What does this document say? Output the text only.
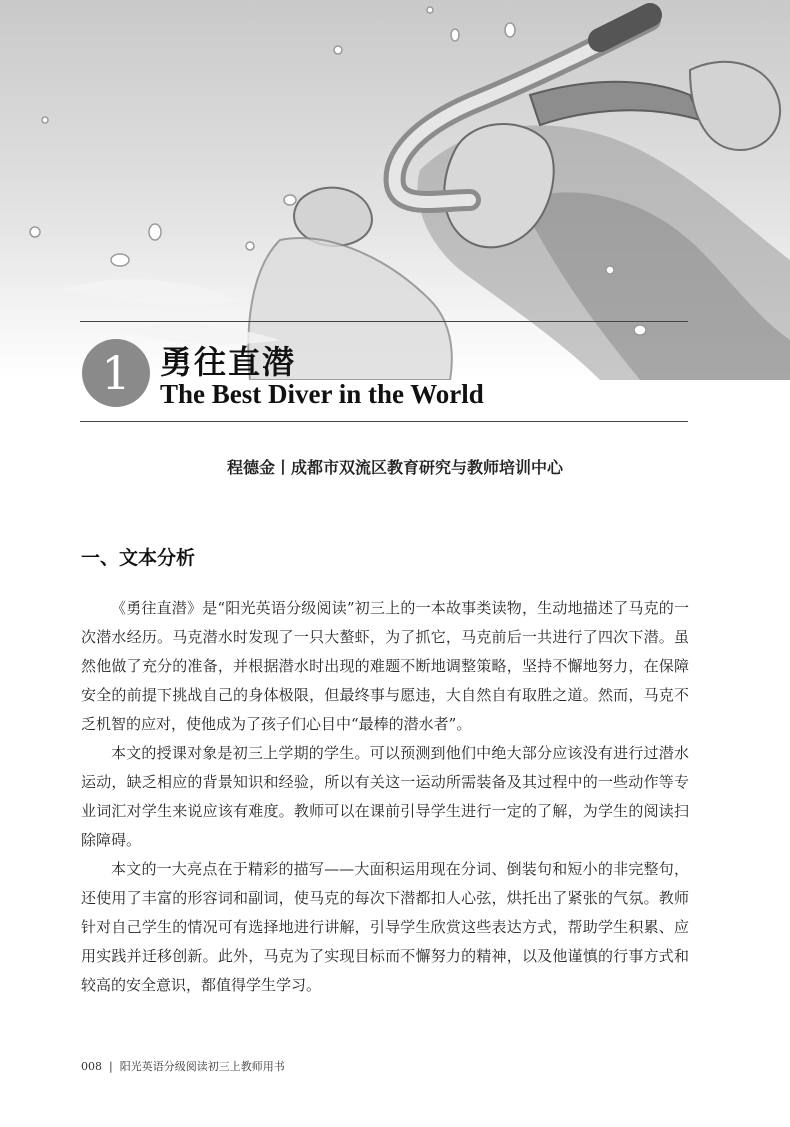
1 勇往直潜
The Best Diver in the World
程德金丨成都市双流区教育研究与教师培训中心
一、文本分析

《勇往直潜》是“阳光英语分级阅读”初三上的一本故事类读物，生动地描述了马克的一次潜水经历。马克潜水时发现了一只大螯虾，为了抓它，马克前后一共进行了四次下潜。虽然他做了充分的准备，并根据潜水时出现的难题不断地调整策略，坚持不懈地努力，在保障安全的前提下挑战自己的身体极限，但最终事与愿违，大自然自有取胜之道。然而，马克不乏机智的应对，使他成为了孩子们心目中“最棒的潜水者”。

本文的授课对象是初三上学期的学生。可以预测到他们中绝大部分应该没有进行过潜水运动，缺乏相应的背景知识和经验，所以有关这一运动所需装备及其过程中的一些动作等专业词汇对学生来说应该有难度。教师可以在课前引导学生进行一定的了解，为学生的阅读扫除障碍。

本文的一大亮点在于精彩的描写——大面积运用现在分词、倒装句和短小的非完整句，还使用了丰富的形容词和副词，使马克的每次下潜都扣人心弦，烘托出了紧张的气氛。教师针对自己学生的情况可有选择地进行讲解，引导学生欣赏这些表达方式，帮助学生积累、应用实践并迁移创新。此外，马克为了实现目标而不懈努力的精神，以及他谨慎的行事方式和较高的安全意识，都值得学生学习。

008 | 阳光英语分级阅读初三上教师用书
